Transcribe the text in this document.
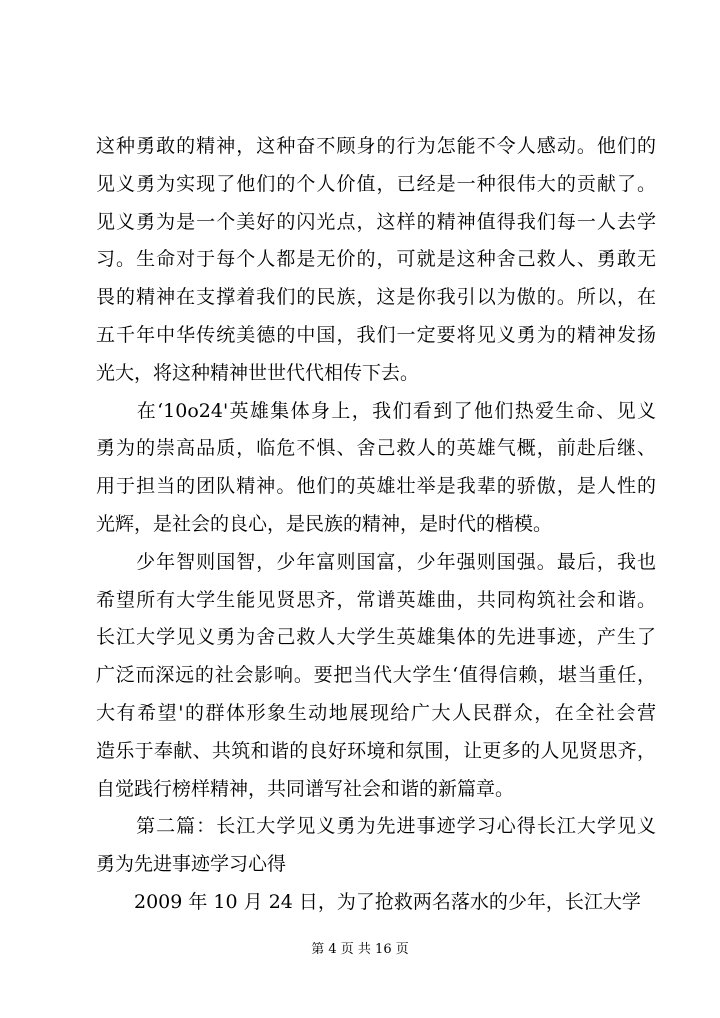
这种勇敢的精神，这种奋不顾身的行为怎能不令人感动。他们的
见义勇为实现了他们的个人价值，已经是一种很伟大的贡献了。
见义勇为是一个美好的闪光点，这样的精神值得我们每一人去学
习。生命对于每个人都是无价的，可就是这种舍己救人、勇敢无
畏的精神在支撑着我们的民族，这是你我引以为傲的。所以，在
五千年中华传统美德的中国，我们一定要将见义勇为的精神发扬
光大，将这种精神世世代代相传下去。
　　在‘10o24'英雄集体身上，我们看到了他们热爱生命、见义
勇为的崇高品质，临危不惧、舍己救人的英雄气概，前赴后继、
用于担当的团队精神。他们的英雄壮举是我辈的骄傲，是人性的
光辉，是社会的良心，是民族的精神，是时代的楷模。
　　少年智则国智，少年富则国富，少年强则国强。最后，我也
希望所有大学生能见贤思齐，常谱英雄曲，共同构筑社会和谐。
长江大学见义勇为舍己救人大学生英雄集体的先进事迹，产生了
广泛而深远的社会影响。要把当代大学生‘值得信赖，堪当重任，
大有希望'的群体形象生动地展现给广大人民群众，在全社会营
造乐于奉献、共筑和谐的良好环境和氛围，让更多的人见贤思齐，
自觉践行榜样精神，共同谱写社会和谐的新篇章。
　　第二篇：长江大学见义勇为先进事迹学习心得长江大学见义
勇为先进事迹学习心得
　　2009 年 10 月 24 日，为了抢救两名落水的少年，长江大学
第 4 页 共 16 页
